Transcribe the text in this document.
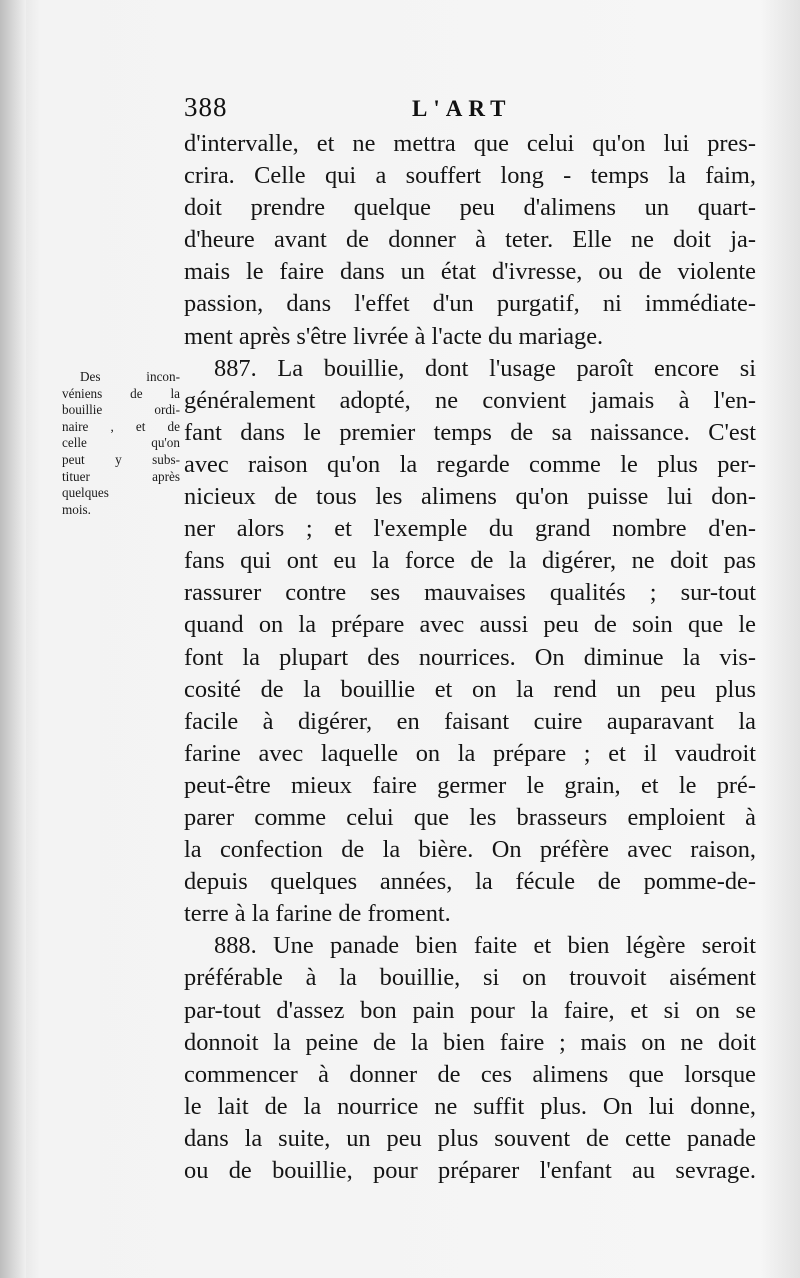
388	L'ART
Des incon-
véniens de la
bouillie ordi-
naire , et de
celle qu'on
peut y subs-
tituer après
quelques
mois.
d'intervalle, et ne mettra que celui qu'on lui pres-
crira. Celle qui a souffert long - temps la faim,
doit prendre quelque peu d'alimens un quart-
d'heure avant de donner à teter. Elle ne doit ja-
mais le faire dans un état d'ivresse, ou de violente
passion, dans l'effet d'un purgatif, ni immédiate-
ment après s'être livrée à l'acte du mariage.
887. La bouillie, dont l'usage paroît encore si
généralement adopté, ne convient jamais à l'en-
fant dans le premier temps de sa naissance. C'est
avec raison qu'on la regarde comme le plus per-
nicieux de tous les alimens qu'on puisse lui don-
ner alors ; et l'exemple du grand nombre d'en-
fans qui ont eu la force de la digérer, ne doit pas
rassurer contre ses mauvaises qualités ; sur-tout
quand on la prépare avec aussi peu de soin que le
font la plupart des nourrices. On diminue la vis-
cosité de la bouillie et on la rend un peu plus
facile à digérer, en faisant cuire auparavant la
farine avec laquelle on la prépare ; et il vaudroit
peut-être mieux faire germer le grain, et le pré-
parer comme celui que les brasseurs emploient à
la confection de la bière. On préfère avec raison,
depuis quelques années, la fécule de pomme-de-
terre à la farine de froment.
888. Une panade bien faite et bien légère seroit
préférable à la bouillie, si on trouvoit aisément
par-tout d'assez bon pain pour la faire, et si on se
donnoit la peine de la bien faire ; mais on ne doit
commencer à donner de ces alimens que lorsque
le lait de la nourrice ne suffit plus. On lui donne,
dans la suite, un peu plus souvent de cette panade
ou de bouillie, pour préparer l'enfant au sevrage.
